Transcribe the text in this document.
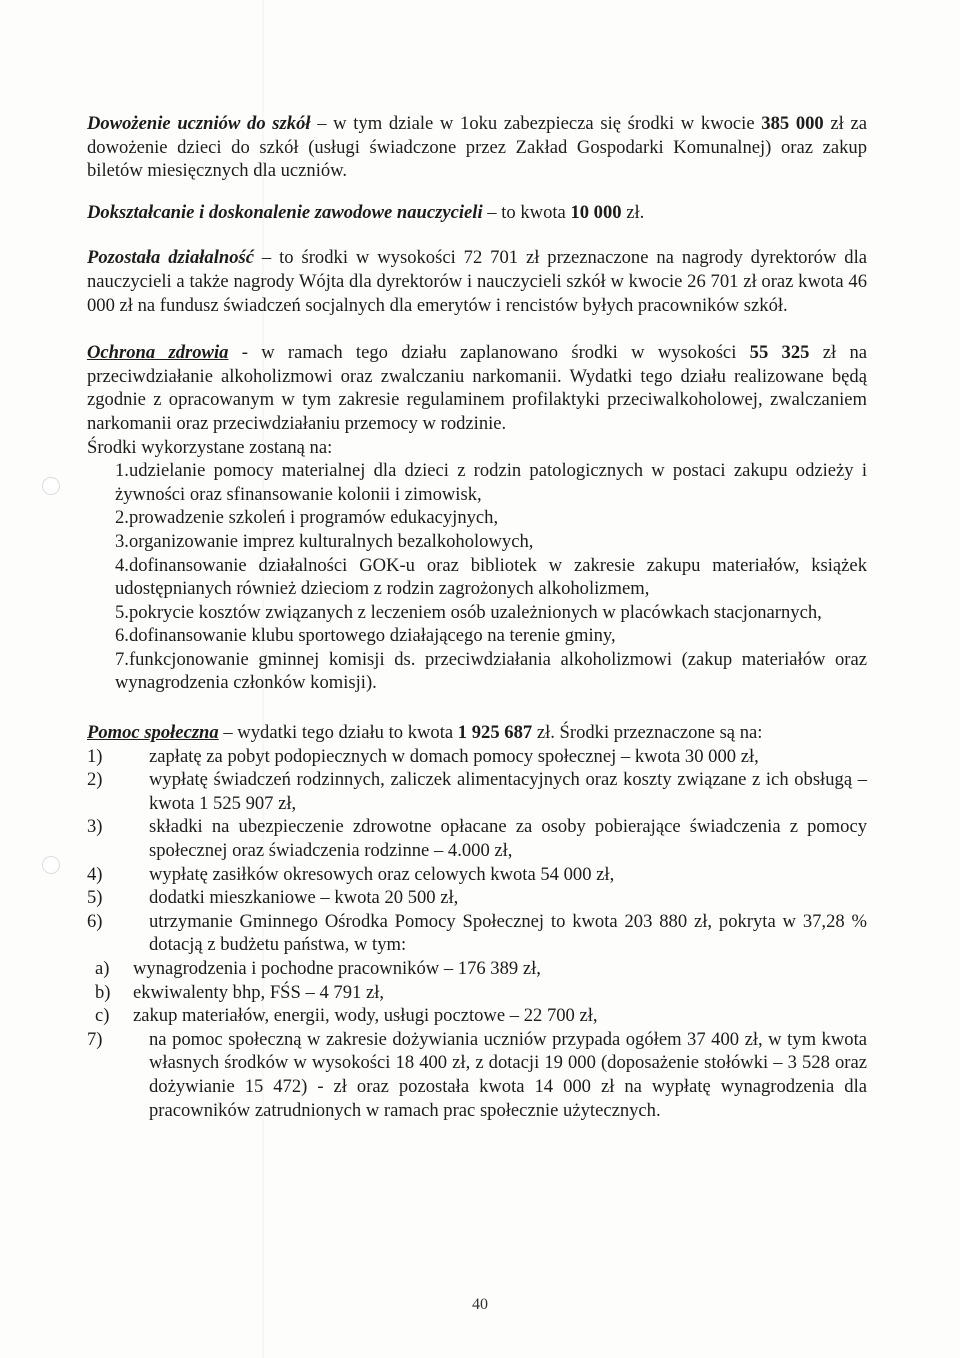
Dowożenie uczniów do szkół – w tym dziale w 1oku zabezpiecza się środki w kwocie 385 000 zł za dowożenie dzieci do szkół (usługi świadczone przez Zakład Gospodarki Komunalnej) oraz zakup biletów miesięcznych dla uczniów.

Dokształcanie i doskonalenie zawodowe nauczycieli – to kwota 10 000 zł.

Pozostała działalność – to środki w wysokości 72 701 zł przeznaczone na nagrody dyrektorów dla nauczycieli a także nagrody Wójta dla dyrektorów i nauczycieli szkół w kwocie 26 701 zł oraz kwota 46 000 zł na fundusz świadczeń socjalnych dla emerytów i rencistów byłych pracowników szkół.

Ochrona zdrowia - w ramach tego działu zaplanowano środki w wysokości 55 325 zł na przeciwdziałanie alkoholizmowi oraz zwalczaniu narkomanii. Wydatki tego działu realizowane będą zgodnie z opracowanym w tym zakresie regulaminem profilaktyki przeciwalkoholowej, zwalczaniem narkomanii oraz przeciwdziałaniu przemocy w rodzinie.

Środki wykorzystane zostaną na:
1.udzielanie pomocy materialnej dla dzieci z rodzin patologicznych w postaci zakupu odzieży i żywności oraz sfinansowanie kolonii i zimowisk,
2.prowadzenie szkoleń i programów edukacyjnych,
3.organizowanie imprez kulturalnych bezalkoholowych,
4.dofinansowanie działalności GOK-u oraz bibliotek w zakresie zakupu materiałów, książek udostępnianych również dzieciom z rodzin zagrożonych alkoholizmem,
5.pokrycie kosztów związanych z leczeniem osób uzależnionych w placówkach stacjonarnych,
6.dofinansowanie klubu sportowego działającego na terenie gminy,
7.funkcjonowanie gminnej komisji ds. przeciwdziałania alkoholizmowi (zakup materiałów oraz wynagrodzenia członków komisji).
Pomoc społeczna – wydatki tego działu to kwota 1 925 687 zł. Środki przeznaczone są na:
1)	zapłatę za pobyt podopiecznych w domach pomocy społecznej – kwota 30 000 zł,
2)	wypłatę świadczeń rodzinnych, zaliczek alimentacyjnych oraz koszty związane z ich obsługą – kwota 1 525 907 zł,
3)	składki na ubezpieczenie zdrowotne opłacane za osoby pobierające świadczenia z pomocy społecznej oraz świadczenia rodzinne – 4.000 zł,
4)	wypłatę zasiłków okresowych oraz celowych kwota 54 000 zł,
5)	dodatki mieszkaniowe – kwota 20 500 zł,
6)	utrzymanie Gminnego Ośrodka Pomocy Społecznej to kwota 203 880 zł, pokryta w 37,28 % dotacją z budżetu państwa, w tym:
a)	wynagrodzenia i pochodne pracowników – 176 389 zł,
b)	ekwiwalenty bhp, FŚS – 4 791 zł,
c)	zakup materiałów, energii, wody, usługi pocztowe – 22 700 zł,
7)	na pomoc społeczną w zakresie dożywiania uczniów przypada ogółem 37 400 zł, w tym kwota własnych środków w wysokości 18 400 zł, z dotacji 19 000 (doposażenie stołówki – 3 528 oraz dożywianie 15 472) - zł oraz pozostała kwota 14 000 zł na wypłatę wynagrodzenia dla pracowników zatrudnionych w ramach prac społecznie użytecznych.
40
